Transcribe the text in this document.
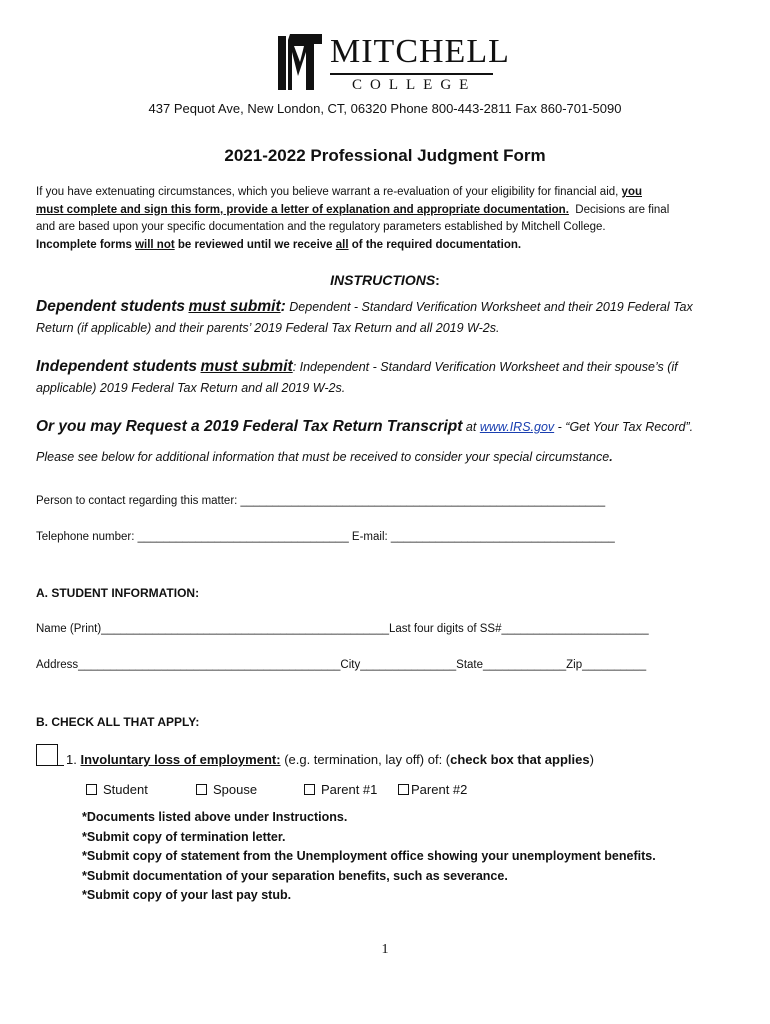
MITCHELL
COLLEGE
437 Pequot Ave, New London, CT, 06320 Phone 800-443-2811 Fax 860-701-5090
2021-2022 Professional Judgment Form
If you have extenuating circumstances, which you believe warrant a re-evaluation of your eligibility for financial aid, you
must complete and sign this form, provide a letter of explanation and appropriate documentation. Decisions are final
and are based upon your specific documentation and the regulatory parameters established by Mitchell College.
Incomplete forms will not be reviewed until we receive all of the required documentation.
INSTRUCTIONS:
Dependent students must submit: Dependent - Standard Verification Worksheet and their 2019 Federal Tax
Return (if applicable) and their parents’ 2019 Federal Tax Return and all 2019 W-2s.
Independent students must submit: Independent - Standard Verification Worksheet and their spouse’s (if
applicable) 2019 Federal Tax Return and all 2019 W-2s.
Or you may Request a 2019 Federal Tax Return Transcript at www.IRS.gov - “Get Your Tax Record”.
Please see below for additional information that must be received to consider your special circumstance.
Person to contact regarding this matter: _________________________________________________________
Telephone number: _________________________________ E-mail: ___________________________________
A. STUDENT INFORMATION:
Name (Print)_____________________________________________Last four digits of SS#_______________________
Address_________________________________________City_______________State_____________Zip__________
B. CHECK ALL THAT APPLY:
1. Involuntary loss of employment: (e.g. termination, lay off) of: (check box that applies)
Student	Spouse	Parent #1	Parent #2
*Documents listed above under Instructions.
*Submit copy of termination letter.
*Submit copy of statement from the Unemployment office showing your unemployment benefits.
*Submit documentation of your separation benefits, such as severance.
*Submit copy of your last pay stub.
1
